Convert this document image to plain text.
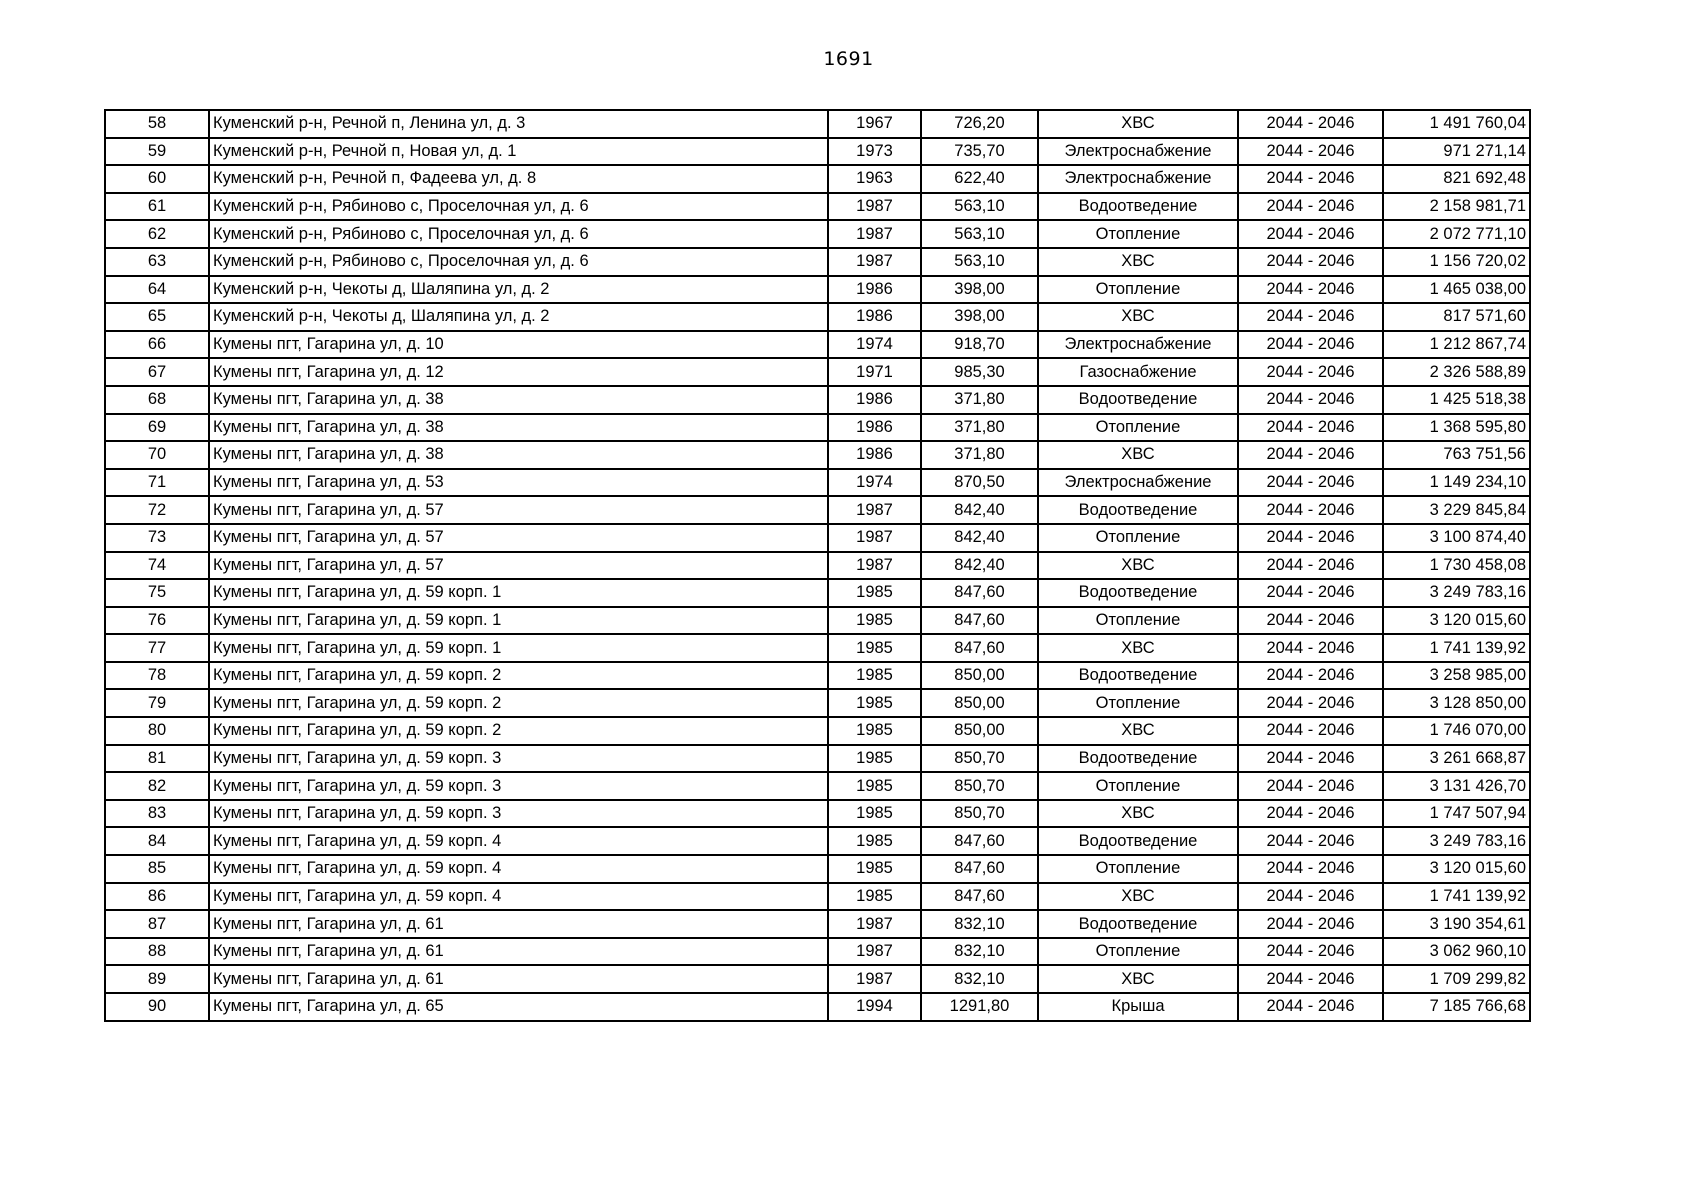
1691
58	Куменский р-н, Речной п, Ленина ул, д. 3	1967	726,20	ХВС	2044 - 2046	1 491 760,04
59	Куменский р-н, Речной п, Новая ул, д. 1	1973	735,70	Электроснабжение	2044 - 2046	971 271,14
60	Куменский р-н, Речной п, Фадеева ул, д. 8	1963	622,40	Электроснабжение	2044 - 2046	821 692,48
61	Куменский р-н, Рябиново с, Проселочная ул, д. 6	1987	563,10	Водоотведение	2044 - 2046	2 158 981,71
62	Куменский р-н, Рябиново с, Проселочная ул, д. 6	1987	563,10	Отопление	2044 - 2046	2 072 771,10
63	Куменский р-н, Рябиново с, Проселочная ул, д. 6	1987	563,10	ХВС	2044 - 2046	1 156 720,02
64	Куменский р-н, Чекоты д, Шаляпина ул, д. 2	1986	398,00	Отопление	2044 - 2046	1 465 038,00
65	Куменский р-н, Чекоты д, Шаляпина ул, д. 2	1986	398,00	ХВС	2044 - 2046	817 571,60
66	Кумены пгт, Гагарина ул, д. 10	1974	918,70	Электроснабжение	2044 - 2046	1 212 867,74
67	Кумены пгт, Гагарина ул, д. 12	1971	985,30	Газоснабжение	2044 - 2046	2 326 588,89
68	Кумены пгт, Гагарина ул, д. 38	1986	371,80	Водоотведение	2044 - 2046	1 425 518,38
69	Кумены пгт, Гагарина ул, д. 38	1986	371,80	Отопление	2044 - 2046	1 368 595,80
70	Кумены пгт, Гагарина ул, д. 38	1986	371,80	ХВС	2044 - 2046	763 751,56
71	Кумены пгт, Гагарина ул, д. 53	1974	870,50	Электроснабжение	2044 - 2046	1 149 234,10
72	Кумены пгт, Гагарина ул, д. 57	1987	842,40	Водоотведение	2044 - 2046	3 229 845,84
73	Кумены пгт, Гагарина ул, д. 57	1987	842,40	Отопление	2044 - 2046	3 100 874,40
74	Кумены пгт, Гагарина ул, д. 57	1987	842,40	ХВС	2044 - 2046	1 730 458,08
75	Кумены пгт, Гагарина ул, д. 59 корп. 1	1985	847,60	Водоотведение	2044 - 2046	3 249 783,16
76	Кумены пгт, Гагарина ул, д. 59 корп. 1	1985	847,60	Отопление	2044 - 2046	3 120 015,60
77	Кумены пгт, Гагарина ул, д. 59 корп. 1	1985	847,60	ХВС	2044 - 2046	1 741 139,92
78	Кумены пгт, Гагарина ул, д. 59 корп. 2	1985	850,00	Водоотведение	2044 - 2046	3 258 985,00
79	Кумены пгт, Гагарина ул, д. 59 корп. 2	1985	850,00	Отопление	2044 - 2046	3 128 850,00
80	Кумены пгт, Гагарина ул, д. 59 корп. 2	1985	850,00	ХВС	2044 - 2046	1 746 070,00
81	Кумены пгт, Гагарина ул, д. 59 корп. 3	1985	850,70	Водоотведение	2044 - 2046	3 261 668,87
82	Кумены пгт, Гагарина ул, д. 59 корп. 3	1985	850,70	Отопление	2044 - 2046	3 131 426,70
83	Кумены пгт, Гагарина ул, д. 59 корп. 3	1985	850,70	ХВС	2044 - 2046	1 747 507,94
84	Кумены пгт, Гагарина ул, д. 59 корп. 4	1985	847,60	Водоотведение	2044 - 2046	3 249 783,16
85	Кумены пгт, Гагарина ул, д. 59 корп. 4	1985	847,60	Отопление	2044 - 2046	3 120 015,60
86	Кумены пгт, Гагарина ул, д. 59 корп. 4	1985	847,60	ХВС	2044 - 2046	1 741 139,92
87	Кумены пгт, Гагарина ул, д. 61	1987	832,10	Водоотведение	2044 - 2046	3 190 354,61
88	Кумены пгт, Гагарина ул, д. 61	1987	832,10	Отопление	2044 - 2046	3 062 960,10
89	Кумены пгт, Гагарина ул, д. 61	1987	832,10	ХВС	2044 - 2046	1 709 299,82
90	Кумены пгт, Гагарина ул, д. 65	1994	1291,80	Крыша	2044 - 2046	7 185 766,68
